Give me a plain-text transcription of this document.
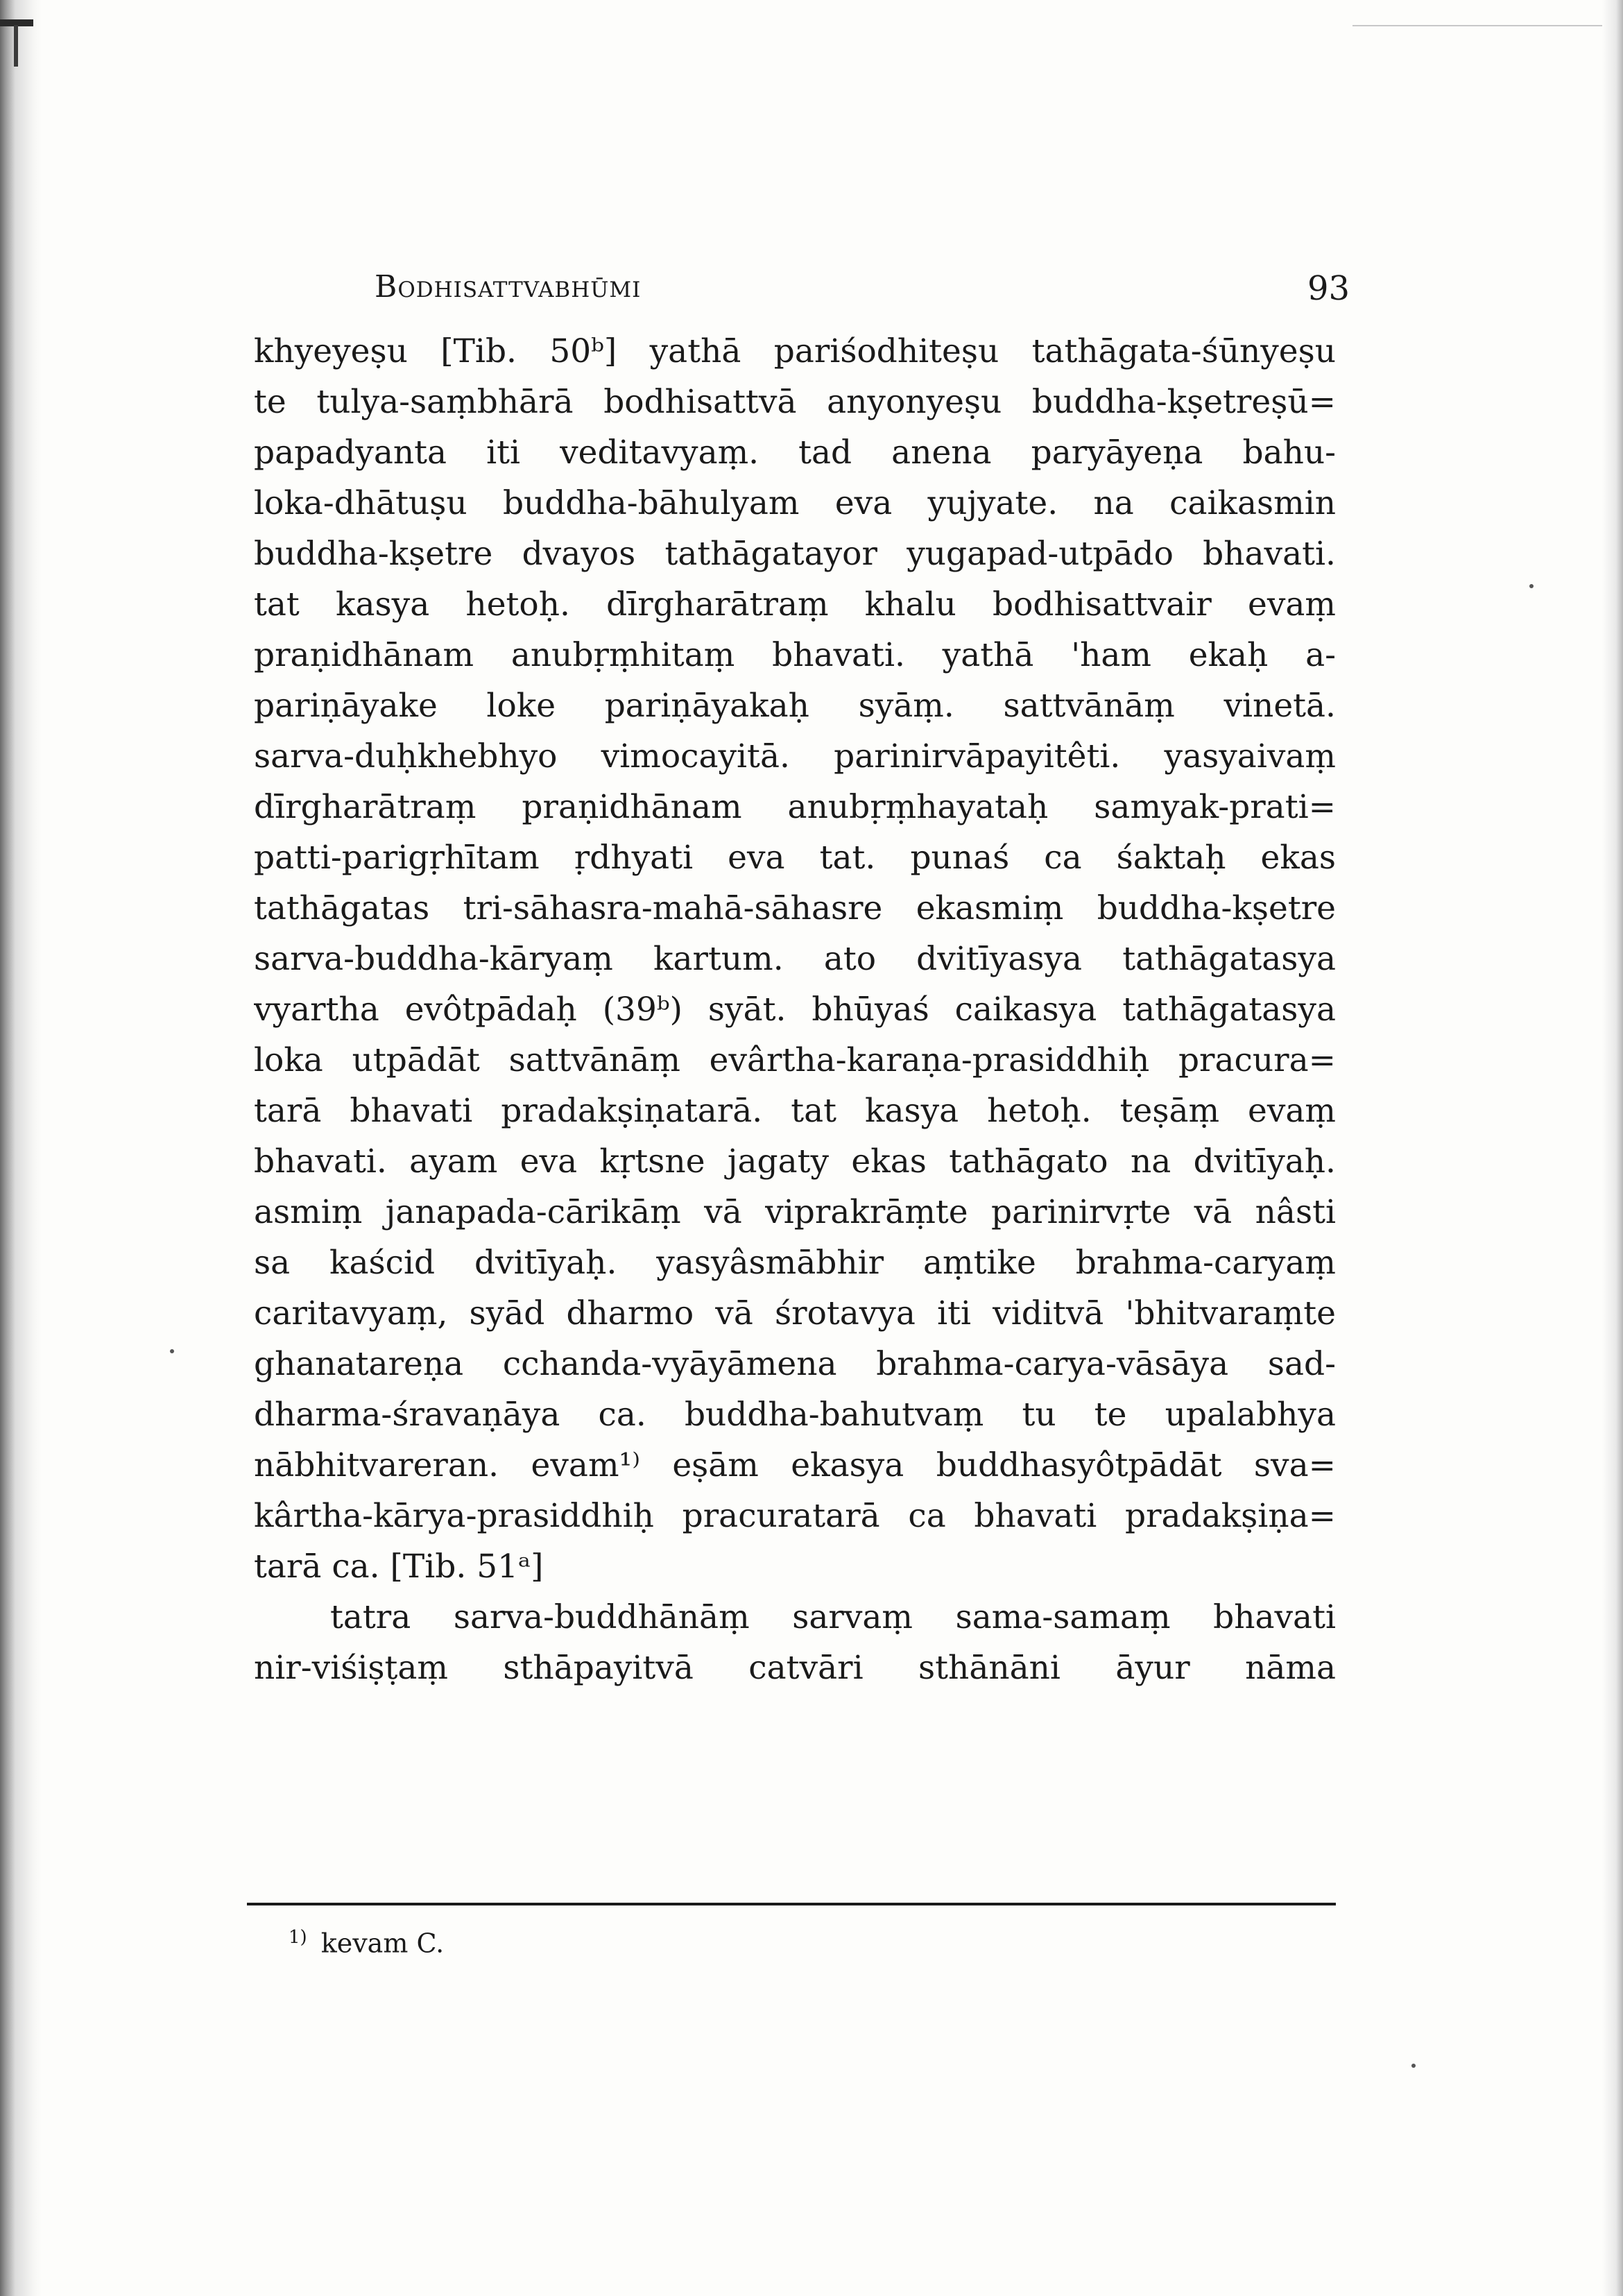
Bodhisattvabhūmi	93
khyeyeṣu [Tib. 50ᵇ] yathā pariśodhiteṣu tathāgata-śūnyeṣu
te tulya-saṃbhārā bodhisattvā anyonyeṣu buddha-kṣetreṣū=
papadyanta iti veditavyaṃ. tad anena paryāyeṇa bahu-
loka-dhātuṣu buddha-bāhulyam eva yujyate. na caikasmin
buddha-kṣetre dvayos tathāgatayor yugapad-utpādo bhavati.
tat kasya hetoḥ. dīrgharātraṃ khalu bodhisattvair evaṃ
praṇidhānam anubṛṃhitaṃ bhavati. yathā 'ham ekaḥ a-
pariṇāyake loke pariṇāyakaḥ syāṃ. sattvānāṃ vinetā.
sarva-duḥkhebhyo vimocayitā. parinirvāpayitêti. yasyaivaṃ
dīrgharātraṃ praṇidhānam anubṛṃhayataḥ samyak-prati=
patti-parigṛhītam ṛdhyati eva tat. punaś ca śaktaḥ ekas
tathāgatas tri-sāhasra-mahā-sāhasre ekasmiṃ buddha-kṣetre
sarva-buddha-kāryaṃ kartum. ato dvitīyasya tathāgatasya
vyartha evôtpādaḥ (39ᵇ) syāt. bhūyaś caikasya tathāgatasya
loka utpādāt sattvānāṃ evârtha-karaṇa-prasiddhiḥ pracura=
tarā bhavati pradakṣiṇatarā. tat kasya hetoḥ. teṣāṃ evaṃ
bhavati. ayam eva kṛtsne jagaty ekas tathāgato na dvitīyaḥ.
asmiṃ janapada-cārikāṃ vā viprakrāṃte parinirvṛte vā nâsti
sa kaścid dvitīyaḥ. yasyâsmābhir aṃtike brahma-caryaṃ
caritavyaṃ, syād dharmo vā śrotavya iti viditvā 'bhitvaraṃte
ghanatareṇa cchanda-vyāyāmena brahma-carya-vāsāya sad-
dharma-śravaṇāya ca. buddha-bahutvaṃ tu te upalabhya
nābhitvareran. evam¹⁾ eṣām ekasya buddhasyôtpādāt sva=
kârtha-kārya-prasiddhiḥ pracuratarā ca bhavati pradakṣiṇa=
tarā ca. [Tib. 51ᵃ]
tatra sarva-buddhānāṃ sarvaṃ sama-samaṃ bhavati
nir-viśiṣṭaṃ sthāpayitvā catvāri sthānāni āyur nāma
$^{1)}$ kevam C.
